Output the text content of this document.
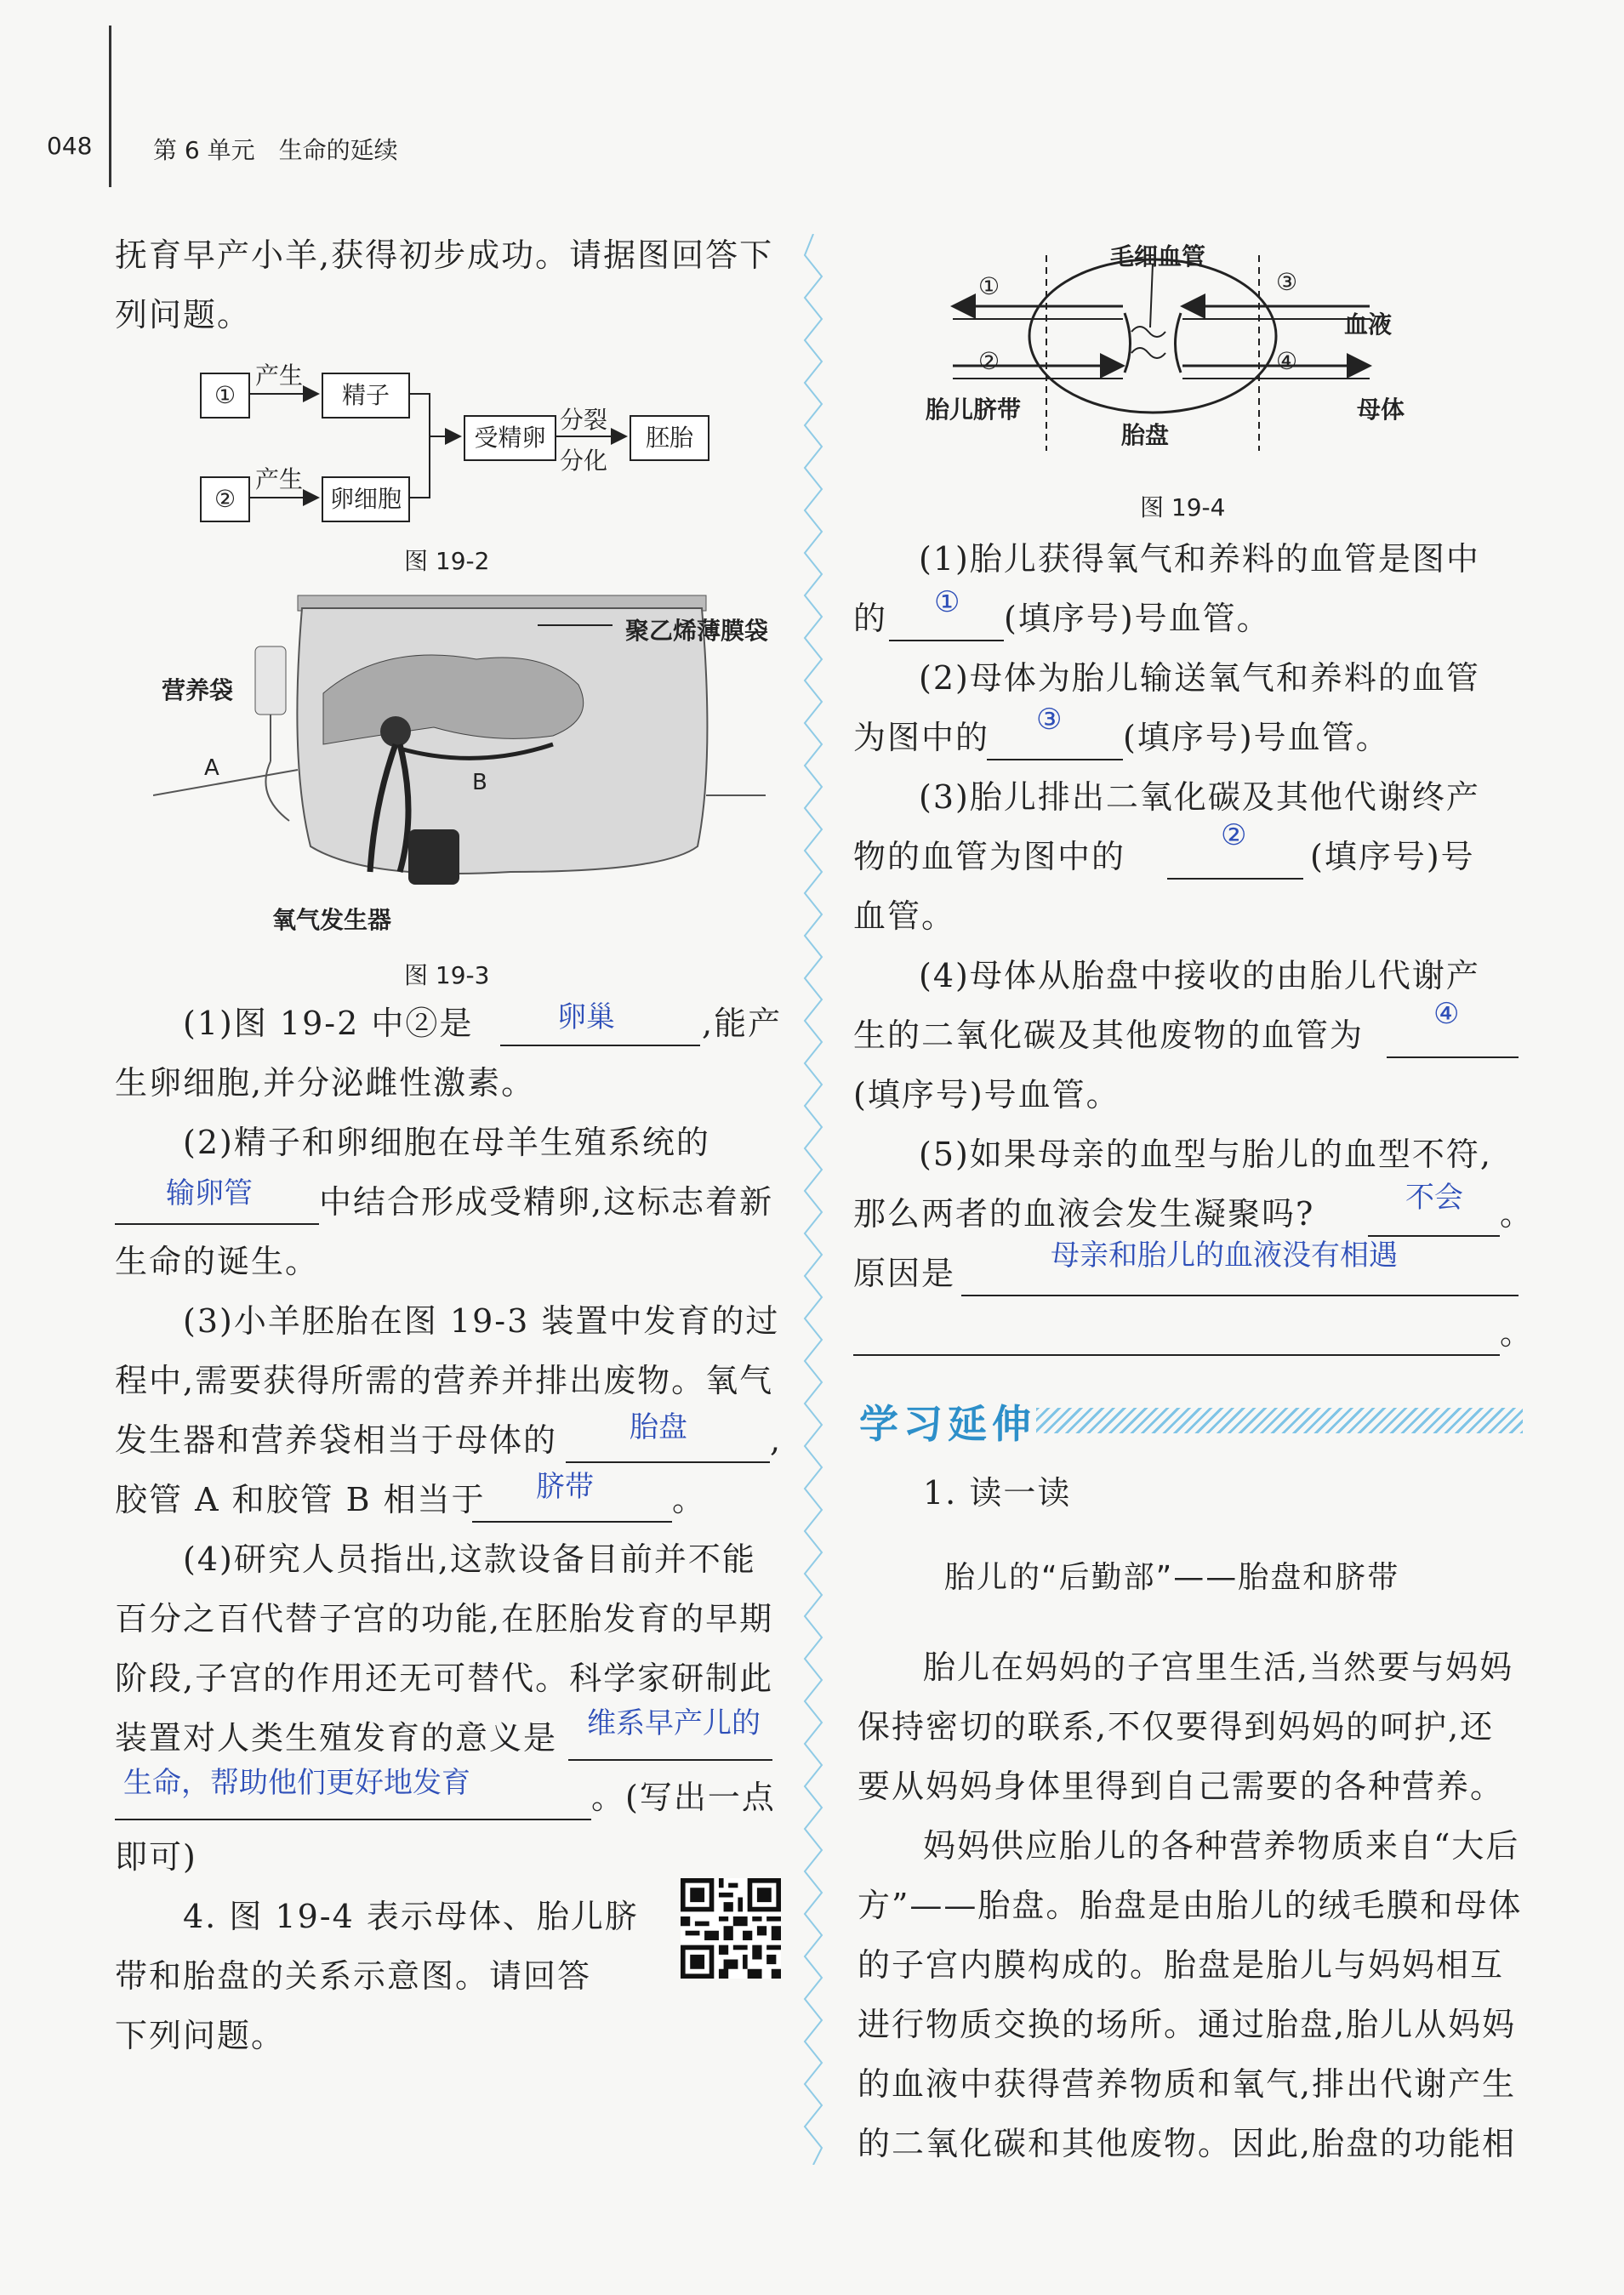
048	第 6 单元　生命的延续
抚育早产小羊,获得初步成功。请据图回答下
列问题。
①
②
精子
卵细胞
受精卵	胚胎
产生
产生
分裂
分化
图 19-2
A
B
聚乙烯薄膜袋
营养袋
氧气发生器
图 19-3
(1)图 19-2 中②是	卵巢	,能产
生卵细胞,并分泌雌性激素。
(2)精子和卵细胞在母羊生殖系统的
输卵管 中结合形成受精卵,这标志着新
生命的诞生。
(3)小羊胚胎在图 19-3 装置中发育的过
程中,需要获得所需的营养并排出废物。氧气
发生器和营养袋相当于母体的 胎盘	,
胶管 A 和胶管 B 相当于 脐带 。
(4)研究人员指出,这款设备目前并不能
百分之百代替子宫的功能,在胚胎发育的早期
阶段,子宫的作用还无可替代。科学家研制此
装置对人类生殖发育的意义是 维系早产儿的
生命，帮助他们更好地发育	。(写出一点
即可)
4. 图 19-4 表示母体、胎儿脐
带和胎盘的关系示意图。请回答
下列问题。
毛细血管
①
②
③
④
血液
胎儿脐带
胎盘
母体
图 19-4
(1)胎儿获得氧气和养料的血管是图中
的 ① (填序号)号血管。
(2)母体为胎儿输送氧气和养料的血管
为图中的 ③ (填序号)号血管。
(3)胎儿排出二氧化碳及其他代谢终产
物的血管为图中的
②
(填序号)号
血管。
(4)母体从胎盘中接收的由胎儿代谢产
生的二氧化碳及其他废物的血管为
④
(填序号)号血管。
(5)如果母亲的血型与胎儿的血型不符,
那么两者的血液会发生凝聚吗?	不会 。
原因是	母亲和胎儿的血液没有相遇
。
学习延伸
1. 读一读
胎儿的“后勤部”——胎盘和脐带
胎儿在妈妈的子宫里生活,当然要与妈妈
保持密切的联系,不仅要得到妈妈的呵护,还
要从妈妈身体里得到自己需要的各种营养。
妈妈供应胎儿的各种营养物质来自“大后
方”——胎盘。胎盘是由胎儿的绒毛膜和母体
的子宫内膜构成的。胎盘是胎儿与妈妈相互
进行物质交换的场所。通过胎盘,胎儿从妈妈
的血液中获得营养物质和氧气,排出代谢产生
的二氧化碳和其他废物。因此,胎盘的功能相
